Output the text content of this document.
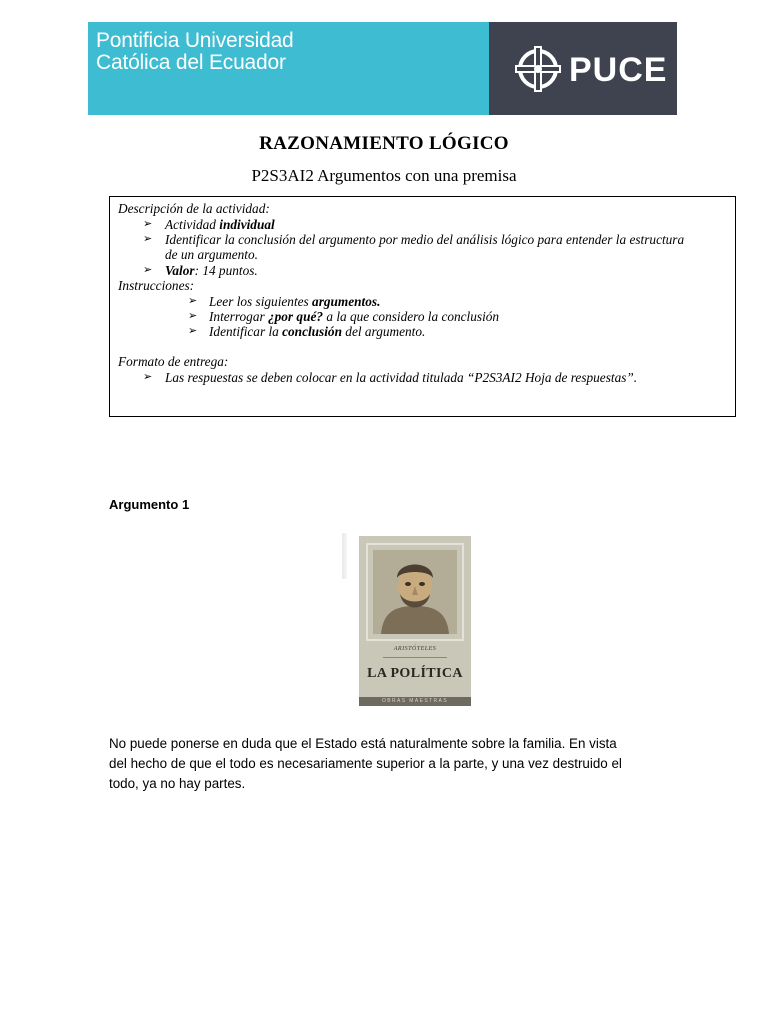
Pontificia Universidad
Católica del Ecuador	PUCE
RAZONAMIENTO LÓGICO
P2S3AI2 Argumentos con una premisa
Descripción de la actividad:
➢ Actividad individual
➢ Identificar la conclusión del argumento por medio del análisis lógico para entender la estructura
de un argumento.
➢ Valor: 14 puntos.
Instrucciones:
➢ Leer los siguientes argumentos.
➢ Interrogar ¿por qué? a la que considero la conclusión
➢ Identificar la conclusión del argumento.
Formato de entrega:
➢ Las respuestas se deben colocar en la actividad titulada “P2S3AI2 Hoja de respuestas”.
Argumento 1
ARISTÓTELES
LA POLÍTICA
OBRAS MAESTRAS
No puede ponerse en duda que el Estado está naturalmente sobre la familia. En vista
del hecho de que el todo es necesariamente superior a la parte, y una vez destruido el
todo, ya no hay partes.
